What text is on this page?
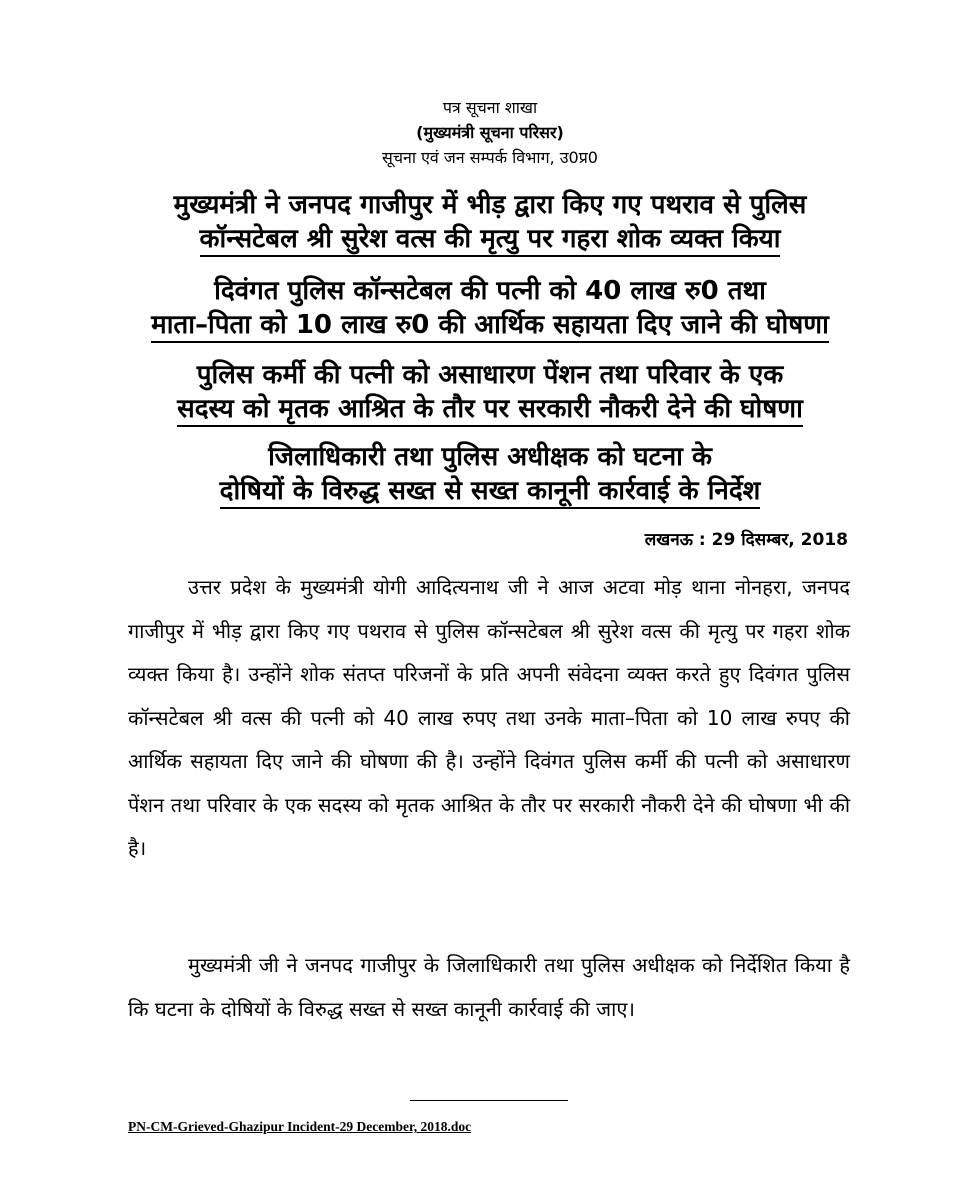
पत्र सूचना शाखा
(मुख्यमंत्री सूचना परिसर)
सूचना एवं जन सम्पर्क विभाग, उ0प्र0
मुख्यमंत्री ने जनपद गाजीपुर में भीड़ द्वारा किए गए पथराव से पुलिस
कॉन्सटेबल श्री सुरेश वत्स की मृत्यु पर गहरा शोक व्यक्त किया
दिवंगत पुलिस कॉन्सटेबल की पत्नी को 40 लाख रु0 तथा
माता–पिता को 10 लाख रु0 की आर्थिक सहायता दिए जाने की घोषणा
पुलिस कर्मी की पत्नी को असाधारण पेंशन तथा परिवार के एक
सदस्य को मृतक आश्रित के तौर पर सरकारी नौकरी देने की घोषणा
जिलाधिकारी तथा पुलिस अधीक्षक को घटना के
दोषियों के विरुद्ध सख्त से सख्त कानूनी कार्रवाई के निर्देश
लखनऊ : 29 दिसम्बर, 2018

उत्तर प्रदेश के मुख्यमंत्री योगी आदित्यनाथ जी ने आज अटवा मोड़ थाना नोनहरा, जनपद गाजीपुर में भीड़ द्वारा किए गए पथराव से पुलिस कॉन्सटेबल श्री सुरेश वत्स की मृत्यु पर गहरा शोक व्यक्त किया है। उन्होंने शोक संतप्त परिजनों के प्रति अपनी संवेदना व्यक्त करते हुए दिवंगत पुलिस कॉन्सटेबल श्री वत्स की पत्नी को 40 लाख रुपए तथा उनके माता–पिता को 10 लाख रुपए की आर्थिक सहायता दिए जाने की घोषणा की है। उन्होंने दिवंगत पुलिस कर्मी की पत्नी को असाधारण पेंशन तथा परिवार के एक सदस्य को मृतक आश्रित के तौर पर सरकारी नौकरी देने की घोषणा भी की है।

मुख्यमंत्री जी ने जनपद गाजीपुर के जिलाधिकारी तथा पुलिस अधीक्षक को निर्देशित किया है कि घटना के दोषियों के विरुद्ध सख्त से सख्त कानूनी कार्रवाई की जाए।

PN-CM-Grieved-Ghazipur Incident-29 December, 2018.doc
